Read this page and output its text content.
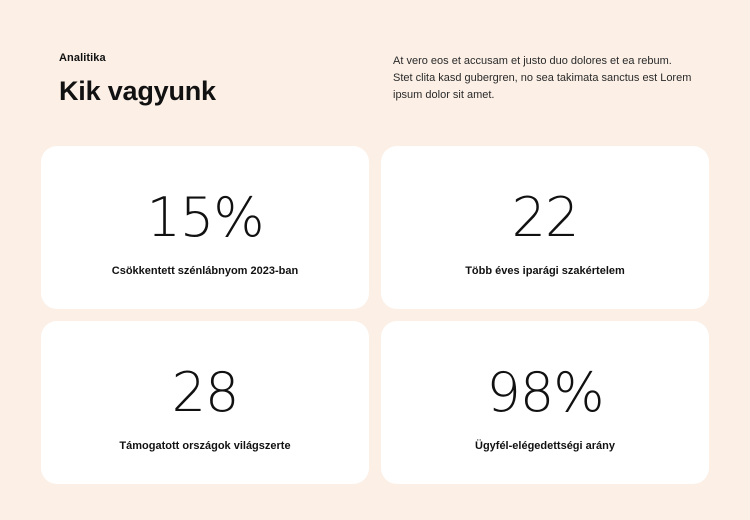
Analitika
Kik vagyunk

At vero eos et accusam et justo duo dolores et ea rebum. Stet clita kasd gubergren, no sea takimata sanctus est Lorem ipsum dolor sit amet.

15%
Csökkentett szénlábnyom 2023-ban
22
Több éves iparági szakértelem
28
Támogatott országok világszerte
98%
Ügyfél-elégedettségi arány
